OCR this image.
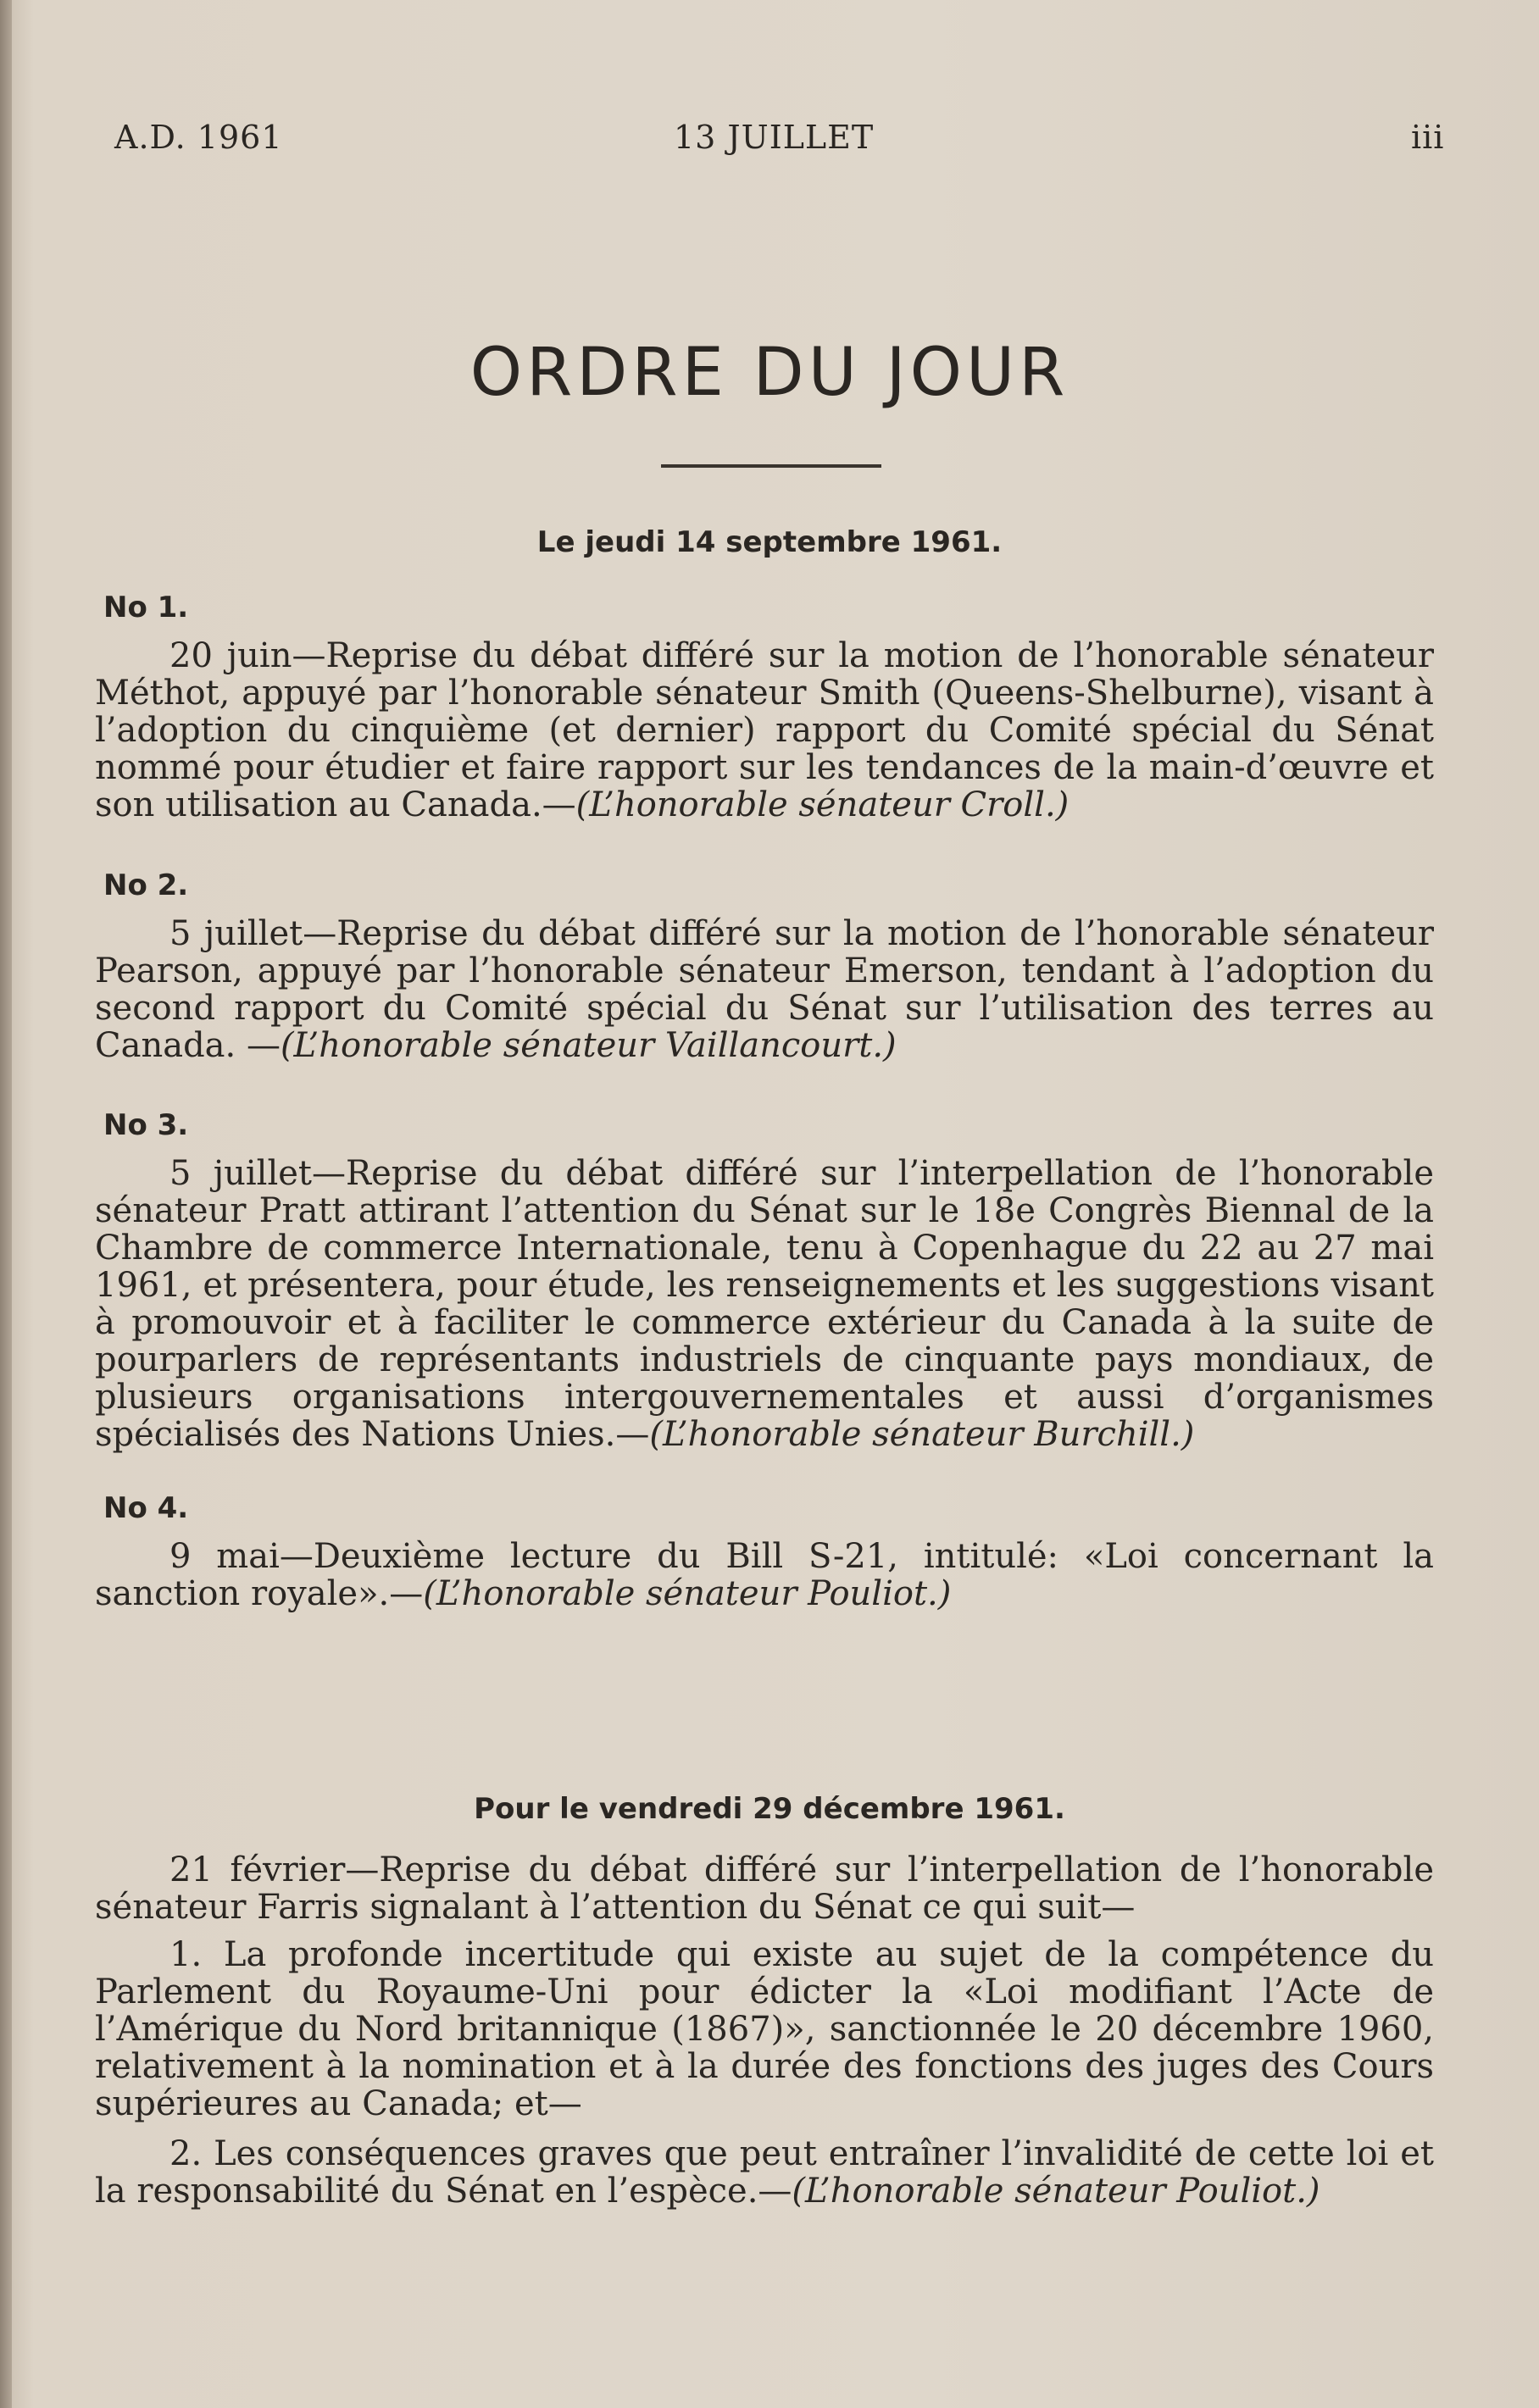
A.D. 1961	13 JUILLET	iii
ORDRE DU JOUR
Le jeudi 14 septembre 1961.
No 1.
20 juin—Reprise du débat différé sur la motion de l’honorable sénateur Méthot, appuyé par l’honorable sénateur Smith (Queens-Shelburne), visant à l’adoption du cinquième (et dernier) rapport du Comité spécial du Sénat nommé pour étudier et faire rapport sur les tendances de la main-d’œuvre et son utilisation au Canada.—(L’honorable sénateur Croll.)
No 2.
5 juillet—Reprise du débat différé sur la motion de l’honorable sénateur Pearson, appuyé par l’honorable sénateur Emerson, tendant à l’adoption du second rapport du Comité spécial du Sénat sur l’utilisation des terres au Canada. —(L’honorable sénateur Vaillancourt.)
No 3.
5 juillet—Reprise du débat différé sur l’interpellation de l’honorable sénateur Pratt attirant l’attention du Sénat sur le 18e Congrès Biennal de la Chambre de commerce Internationale, tenu à Copenhague du 22 au 27 mai 1961, et présentera, pour étude, les renseignements et les suggestions visant à promouvoir et à faciliter le commerce extérieur du Canada à la suite de pourparlers de représentants industriels de cinquante pays mondiaux, de plusieurs organisations intergouvernementales et aussi d’organismes spécialisés des Nations Unies.—(L’honorable sénateur Burchill.)
No 4.
9 mai—Deuxième lecture du Bill S-21, intitulé: «Loi concernant la sanction royale».—(L’honorable sénateur Pouliot.)
Pour le vendredi 29 décembre 1961.
21 février—Reprise du débat différé sur l’interpellation de l’honorable sénateur Farris signalant à l’attention du Sénat ce qui suit—
1. La profonde incertitude qui existe au sujet de la compétence du Parlement du Royaume-Uni pour édicter la «Loi modifiant l’Acte de l’Amérique du Nord britannique (1867)», sanctionnée le 20 décembre 1960, relativement à la nomination et à la durée des fonctions des juges des Cours supérieures au Canada; et—
2. Les conséquences graves que peut entraîner l’invalidité de cette loi et la responsabilité du Sénat en l’espèce.—(L’honorable sénateur Pouliot.)
